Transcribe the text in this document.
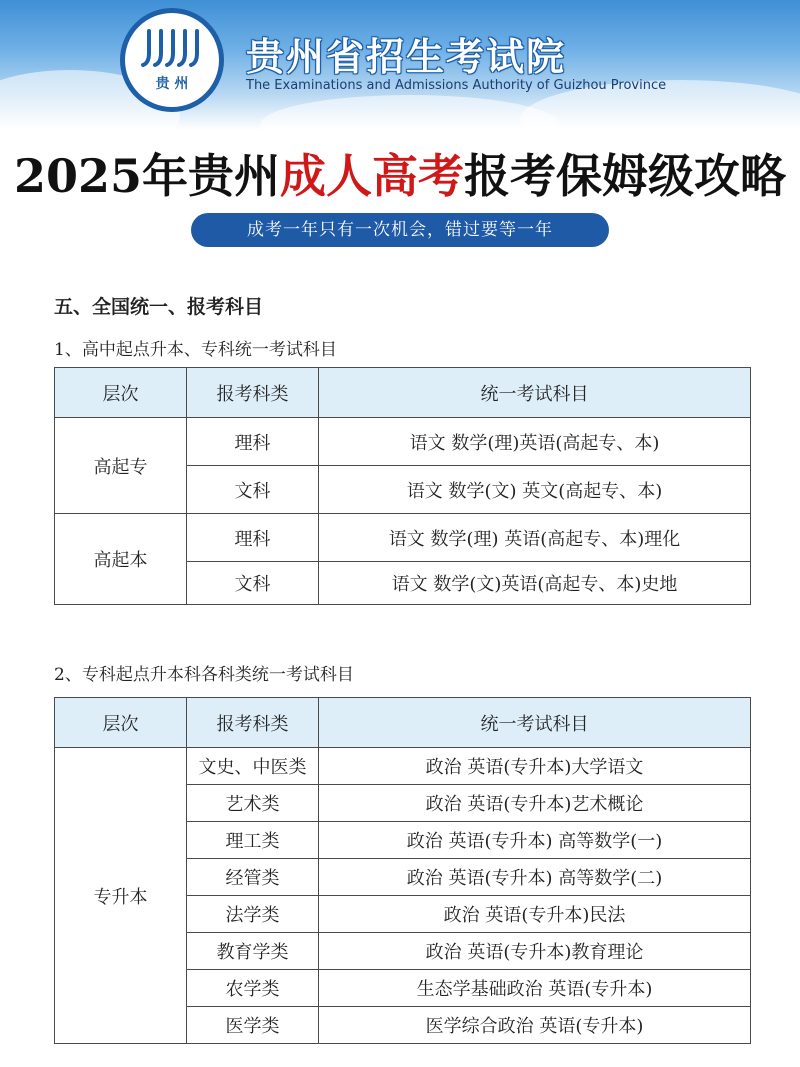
贵 州
贵州省招生考试院
The Examinations and Admissions Authority of Guizhou Province
2025年贵州成人高考报考保姆级攻略
成考一年只有一次机会，错过要等一年

五、全国统一、报考科目
1、高中起点升本、专科统一考试科目
层次	报考科类	统一考试科目
高起专	理科	语文 数学(理)英语(高起专、本)
	文科	语文 数学(文) 英文(高起专、本)
高起本	理科	语文 数学(理) 英语(高起专、本)理化
	文科	语文 数学(文)英语(高起专、本)史地
2、专科起点升本科各科类统一考试科目
层次	报考科类	统一考试科目
专升本	文史、中医类	政治 英语(专升本)大学语文
	艺术类	政治 英语(专升本)艺术概论
	理工类	政治 英语(专升本) 高等数学(一)
	经管类	政治 英语(专升本) 高等数学(二)
	法学类	政治 英语(专升本)民法
	教育学类	政治 英语(专升本)教育理论
	农学类	生态学基础政治 英语(专升本)
	医学类	医学综合政治 英语(专升本)
